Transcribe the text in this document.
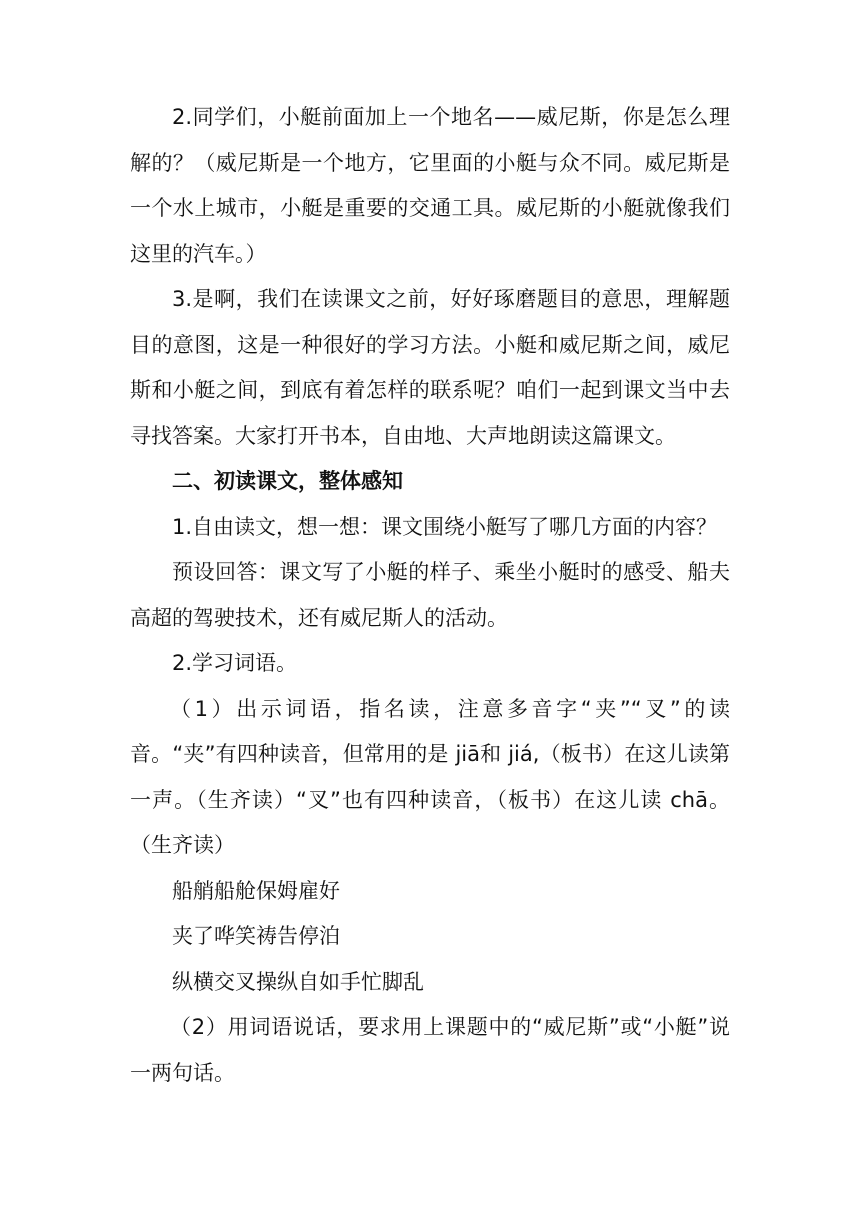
2.同学们，小艇前面加上一个地名——威尼斯，你是怎么理解的？（威尼斯是一个地方，它里面的小艇与众不同。威尼斯是一个水上城市，小艇是重要的交通工具。威尼斯的小艇就像我们这里的汽车。）

3.是啊，我们在读课文之前，好好琢磨题目的意思，理解题目的意图，这是一种很好的学习方法。小艇和威尼斯之间，威尼斯和小艇之间，到底有着怎样的联系呢？咱们一起到课文当中去寻找答案。大家打开书本，自由地、大声地朗读这篇课文。

二、初读课文，整体感知

1.自由读文，想一想：课文围绕小艇写了哪几方面的内容？

预设回答：课文写了小艇的样子、乘坐小艇时的感受、船夫高超的驾驶技术，还有威尼斯人的活动。

2.学习词语。

（1）出示词语，指名读，注意多音字“夹”“叉”的读音。“夹”有四种读音，但常用的是 jiā和 jiá,（板书）在这儿读第一声。（生齐读）“叉”也有四种读音，（板书）在这儿读 chā。（生齐读）

船艄船舱保姆雇好

夹了哗笑祷告停泊

纵横交叉操纵自如手忙脚乱

（2）用词语说话，要求用上课题中的“威尼斯”或“小艇”说一两句话。
